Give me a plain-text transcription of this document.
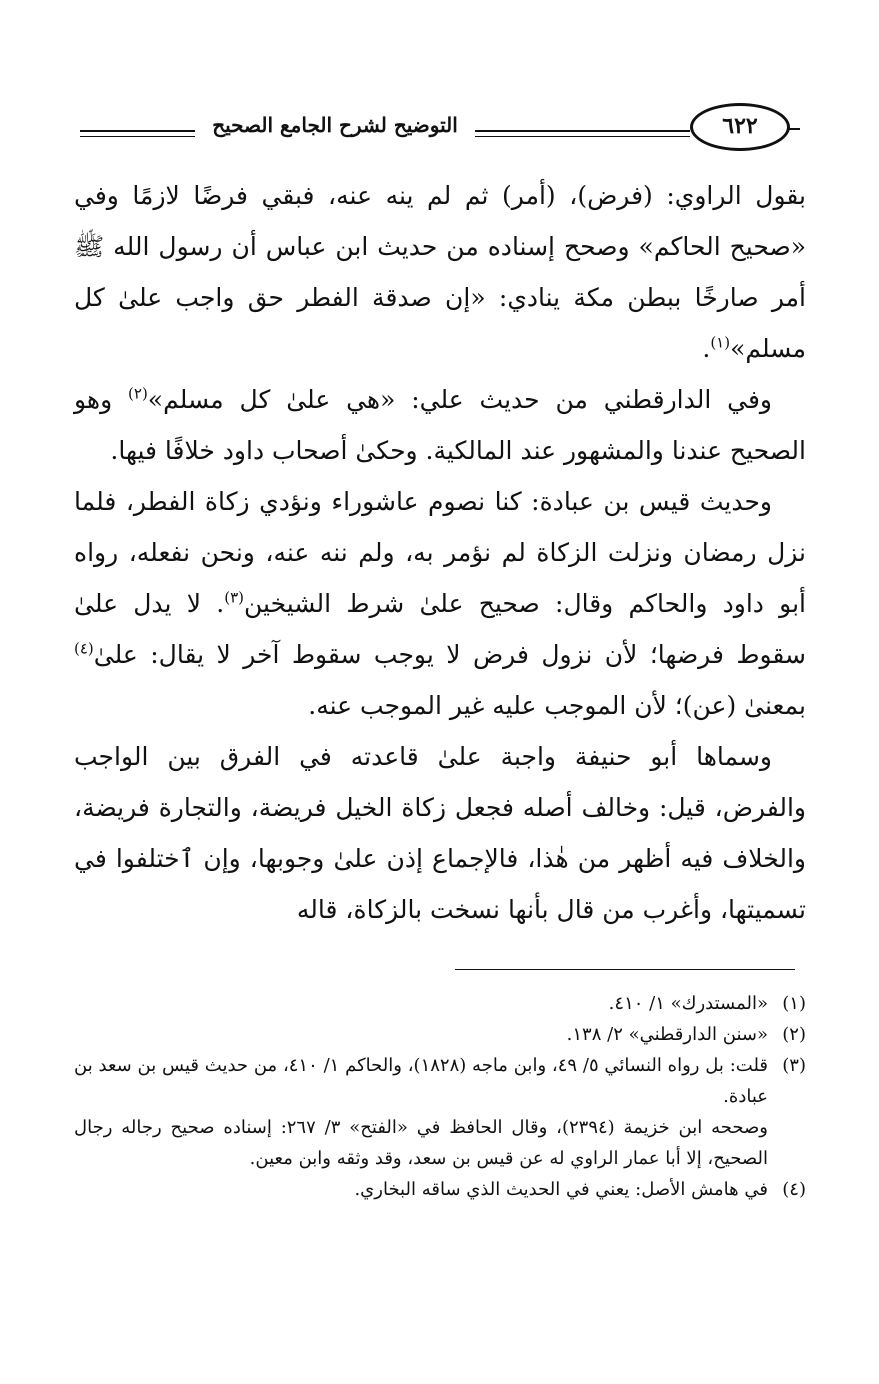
التوضيح لشرح الجامع الصحيح	٦٢٢

بقول الراوي: (فرض)، (أمر) ثم لم ينه عنه، فبقي فرضًا لازمًا وفي «صحيح الحاكم» وصحح إسناده من حديث ابن عباس أن رسول الله ﷺ أمر صارخًا ببطن مكة ينادي: «إن صدقة الفطر حق واجب علىٰ كل مسلم»$^{(١)}$.

وفي الدارقطني من حديث علي: «هي علىٰ كل مسلم»$^{(٢)}$ وهو الصحيح عندنا والمشهور عند المالكية. وحكىٰ أصحاب داود خلافًا فيها.

وحديث قيس بن عبادة: كنا نصوم عاشوراء ونؤدي زكاة الفطر، فلما نزل رمضان ونزلت الزكاة لم نؤمر به، ولم ننه عنه، ونحن نفعله، رواه أبو داود والحاكم وقال: صحيح علىٰ شرط الشيخين$^{(٣)}$. لا يدل علىٰ سقوط فرضها؛ لأن نزول فرض لا يوجب سقوط آخر لا يقال: علىٰ$^{(٤)}$ بمعنىٰ (عن)؛ لأن الموجب عليه غير الموجب عنه.

وسماها أبو حنيفة واجبة علىٰ قاعدته في الفرق بين الواجب والفرض، قيل: وخالف أصله فجعل زكاة الخيل فريضة، والتجارة فريضة، والخلاف فيه أظهر من هٰذا، فالإجماع إذن علىٰ وجوبها، وإن ٱختلفوا في تسميتها، وأغرب من قال بأنها نسخت بالزكاة، قاله

(١)
«المستدرك» ١/ ٤١٠.
(٢)
«سنن الدارقطني» ٢/ ١٣٨.
(٣)
قلت: بل رواه النسائي ٥/ ٤٩، وابن ماجه (١٨٢٨)، والحاكم ١/ ٤١٠، من حديث قيس بن سعد بن عبادة.
وصححه ابن خزيمة (٢٣٩٤)، وقال الحافظ في «الفتح» ٣/ ٢٦٧: إسناده صحيح رجاله رجال الصحيح، إلا أبا عمار الراوي له عن قيس بن سعد، وقد وثقه وابن معين.
(٤)
في هامش الأصل: يعني في الحديث الذي ساقه البخاري.
